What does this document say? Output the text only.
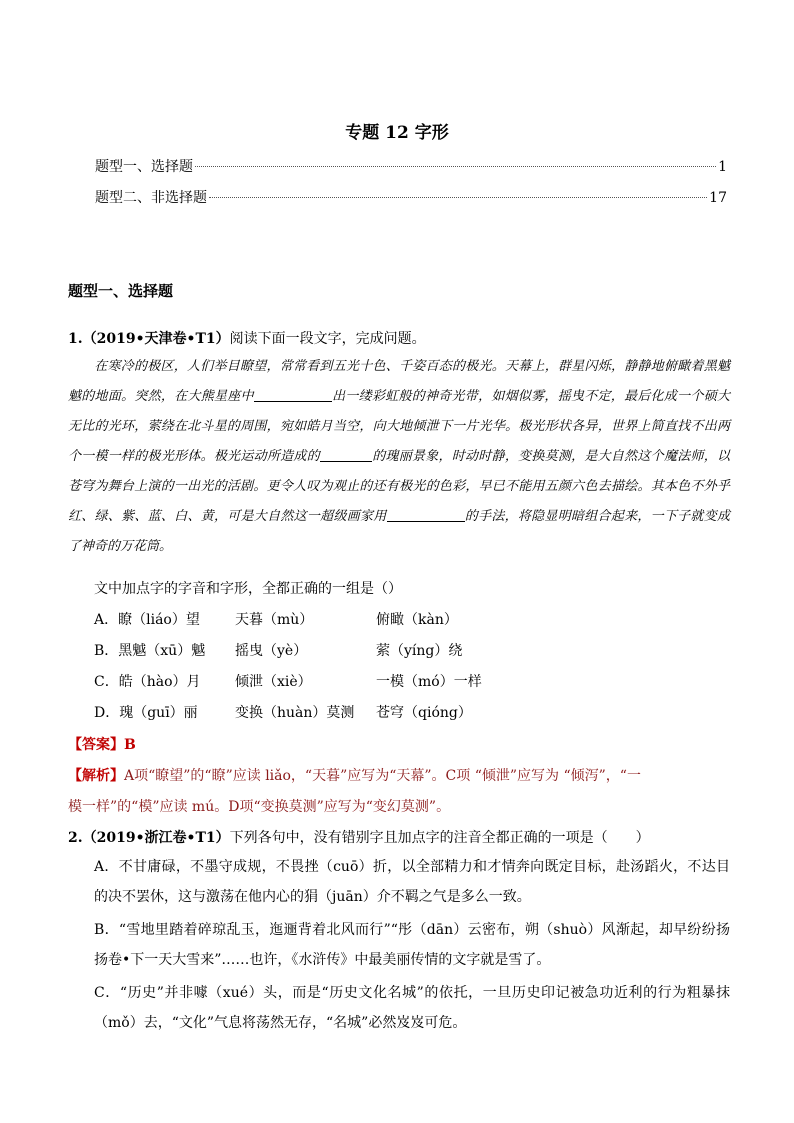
专题 12 字形
题型一、选择题	1
题型二、非选择题	17
题型一、选择题
1.（2019•天津卷•T1）阅读下面一段文字，完成问题。
在寒冷的极区，人们举目瞭望，常常看到五光十色、千姿百态的极光。天幕上，群星闪烁，静静地俯瞰着黑魆魆的地面。突然，在大熊星座中	出一缕彩虹般的神奇光带，如烟似雾，摇曳不定，最后化成一个硕大无比的光环，萦绕在北斗星的周围，宛如皓月当空，向大地倾泄下一片光华。极光形状各异，世界上简直找不出两个一模一样的极光形体。极光运动所造成的	的瑰丽景象，时动时静，变换莫测，是大自然这个魔法师，以苍穹为舞台上演的一出光的活剧。更令人叹为观止的还有极光的色彩，早已不能用五颜六色去描绘。其本色不外乎红、绿、紫、蓝、白、黄，可是大自然这一超级画家用	的手法，将隐显明暗组合起来，一下子就变成了神奇的万花筒。
文中加点字的字音和字形，全都正确的一组是（）
A．瞭（liáo）望	天暮（mù）	俯瞰（kàn）
B．黑魆（xū）魆 摇曳（yè）	萦（yíng）绕
C．皓（hào）月 倾泄（xiè）	一模（mó）一样
D．瑰（guī）丽	变换（huàn）莫测 苍穹（qióng）
【答案】B
【解析】A项“瞭望”的“瞭”应读 liǎo，“天暮”应写为“天幕”。C项 “倾泄”应写为 “倾泻”，“一
模一样”的“模”应读 mú。D项“变换莫测”应写为“变幻莫测”。
2.（2019•浙江卷•T1）下列各句中，没有错别字且加点字的注音全都正确的一项是（　　）
A．不甘庸碌，不墨守成规，不畏挫（cuō）折，以全部精力和才情奔向既定目标，赴汤蹈火，不达目的决不罢休，这与激荡在他内心的狷（juān）介不羁之气是多么一致。
B．“雪地里踏着碎琼乱玉，迤逦背着北风而行”“彤（dān）云密布，朔（shuò）风渐起，却早纷纷扬扬卷•下一天大雪来”……也许，《水浒传》中最美丽传情的文字就是雪了。
C．“历史”并非噱（xué）头，而是“历史文化名城”的依托，一旦历史印记被急功近利的行为粗暴抹（mǒ）去，“文化”气息将荡然无存，“名城”必然岌岌可危。
